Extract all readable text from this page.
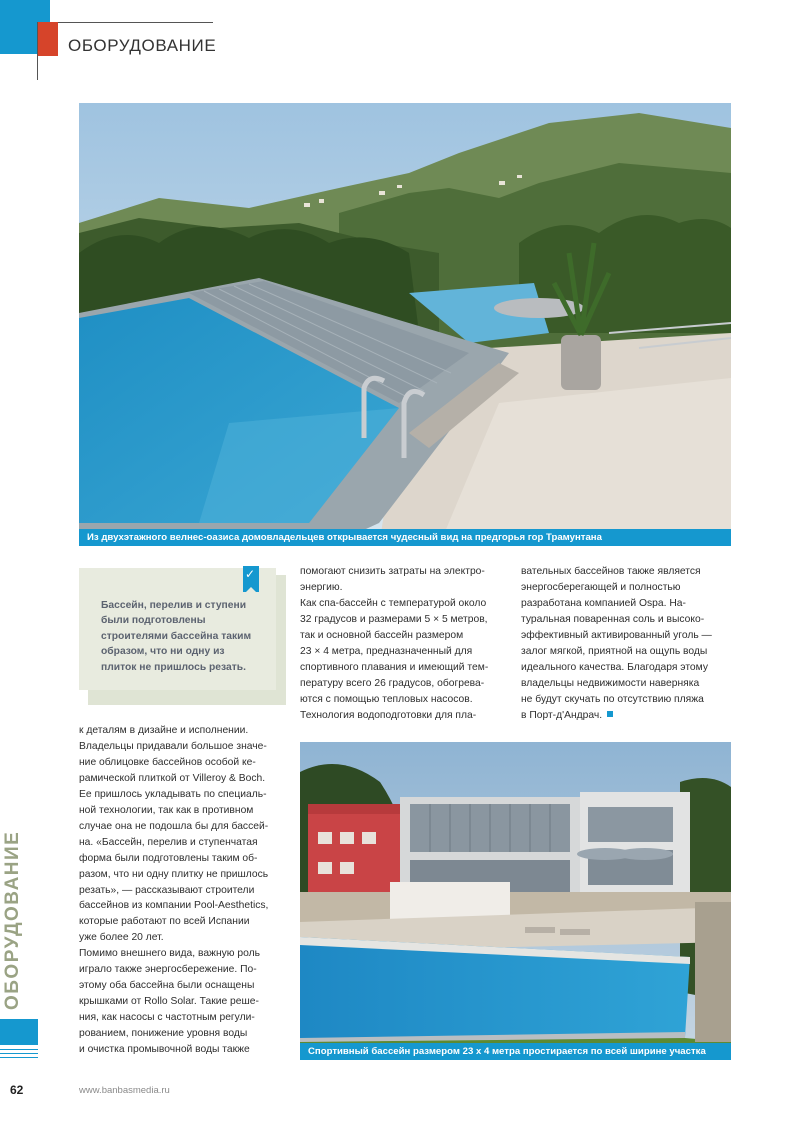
ОБОРУДОВАНИЕ
Из двухэтажного велнес-оазиса домовладельцев открывается чудесный вид на предгорья гор Трамунтана
Бассейн, перелив и ступени были подготовлены строителями бассейна таким образом, что ни одну из плиток не пришлось резать.
✓
к деталям в дизайне и исполнении.
Владельцы придавали большое значе-
ние облицовке бассейнов особой ке-
рамической плиткой от Villeroy & Boch.
Ее пришлось укладывать по специаль-
ной технологии, так как в противном
случае она не подошла бы для бассей-
на. «Бассейн, перелив и ступенчатая
форма были подготовлены таким об-
разом, что ни одну плитку не пришлось
резать», — рассказывают строители
бассейнов из компании Pool-Aesthetics,
которые работают по всей Испании
уже более 20 лет.
Помимо внешнего вида, важную роль
играло также энергосбережение. По-
этому оба бассейна были оснащены
крышками от Rollo Solar. Такие реше-
ния, как насосы с частотным регули-
рованием, понижение уровня воды
и очистка промывочной воды также
помогают снизить затраты на электро-
энергию.
Как спа-бассейн с температурой около
32 градусов и размерами 5 × 5 метров,
так и основной бассейн размером
23 × 4 метра, предназначенный для
спортивного плавания и имеющий тем-
пературу всего 26 градусов, обогрева-
ются с помощью тепловых насосов.
Технология водоподготовки для пла-
вательных бассейнов также является
энергосберегающей и полностью
разработана компанией Ospa. На-
туральная поваренная соль и высоко-
эффективный активированный уголь —
залог мягкой, приятной на ощупь воды
идеального качества. Благодаря этому
владельцы недвижимости наверняка
не будут скучать по отсутствию пляжа
в Порт-д'Андрач.
Спортивный бассейн размером 23 х 4 метра простирается по всей ширине участка
ОБОРУДОВАНИЕ
62	www.banbasmedia.ru
